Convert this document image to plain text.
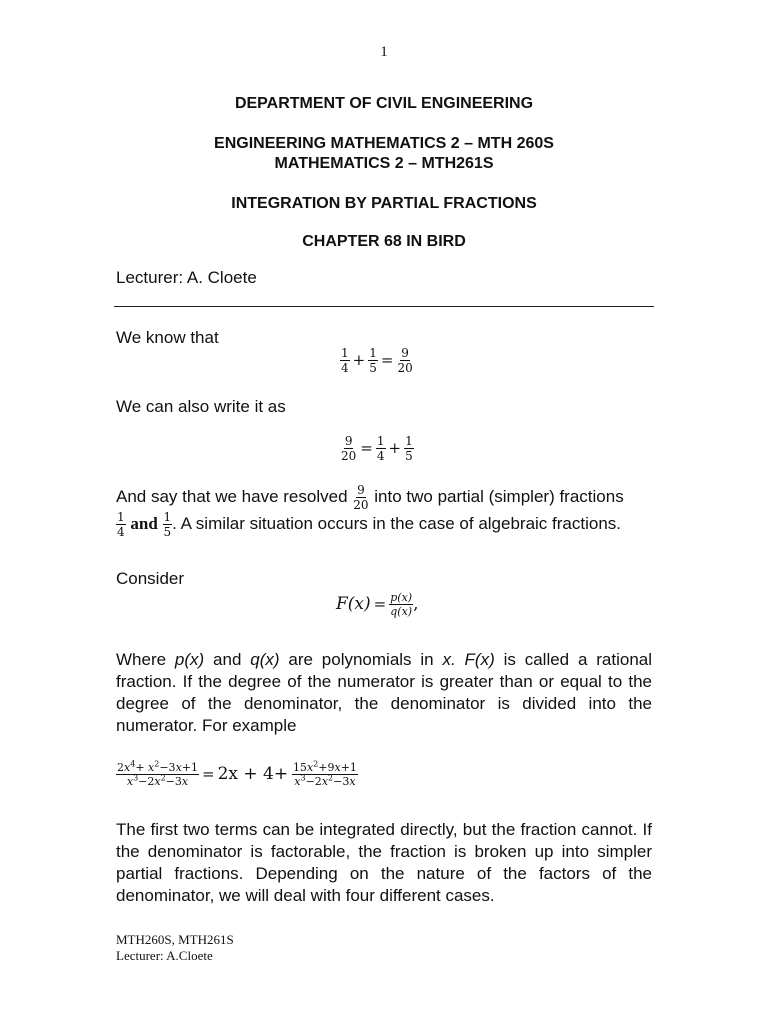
1
DEPARTMENT OF CIVIL ENGINEERING
ENGINEERING MATHEMATICS 2 – MTH 260S
MATHEMATICS 2 – MTH261S
INTEGRATION BY PARTIAL FRACTIONS
CHAPTER 68 IN BIRD
Lecturer: A. Cloete
We know that
$\frac{1}{4} + \frac{1}{5} = \frac{9}{20}$
We can also write it as
$\frac{9}{20} = \frac{1}{4} + \frac{1}{5}$
And say that we have resolved $\frac{9}{20}$ into two partial (simpler) fractions

$\frac{1}{4}$ and $\frac{1}{5}$ . A similar situation occurs in the case of algebraic fractions.
Consider
$F(x) = \frac{p(x)}{q(x)}$ ,
Where p(x) and q(x) are polynomials in x. F(x) is called a rational fraction. If the degree of the numerator is greater than or equal to the degree of the denominator, the denominator is divided into the numerator. For example
$\frac{2x^4+ x^2-3x+1}{x^3-2x^2-3x} = 2x + 4+ \frac{15x^2+9x+1}{x^3-2x^2-3x}$
The first two terms can be integrated directly, but the fraction cannot. If the denominator is factorable, the fraction is broken up into simpler partial fractions. Depending on the nature of the factors of the denominator, we will deal with four different cases.
MTH260S, MTH261S
Lecturer: A.Cloete
